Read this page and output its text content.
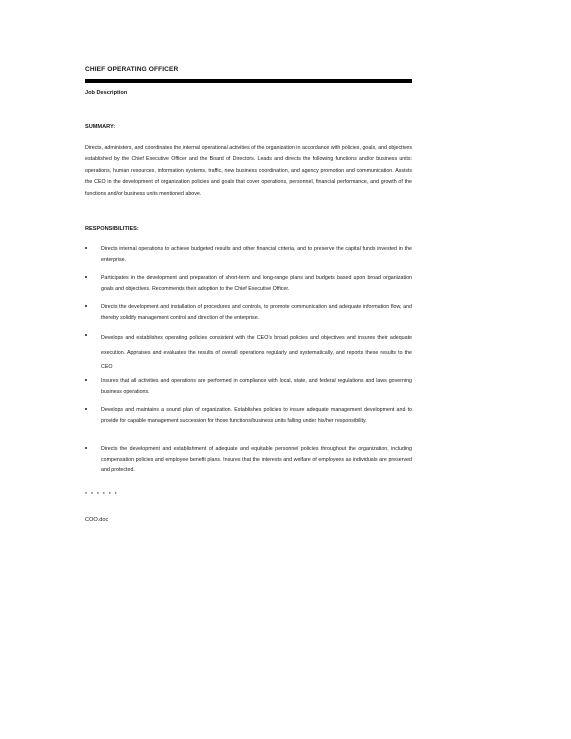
CHIEF OPERATING OFFICER
Job Description
SUMMARY:
Directs, administers, and coordinates the internal operational activities of the organization in accordance with policies, goals, and objectives established by the Chief Executive Officer and the Board of Directors. Leads and directs the following functions and/or business units: operations, human resources, information systems, traffic, new business coordination, and agency promotion and communication. Assists the CEO in the development of organization policies and goals that cover operations, personnel, financial performance, and growth of the functions and/or business units mentioned above.
RESPONSIBILITIES:
Directs internal operations to achieve budgeted results and other financial criteria, and to preserve the capital funds invested in the enterprise.
Participates in the development and preparation of short-term and long-range plans and budgets based upon broad organization goals and objectives. Recommends their adoption to the Chief Executive Officer.
Directs the development and installation of procedures and controls, to promote communication and adequate information flow, and thereby solidify management control and direction of the enterprise.
Develops and establishes operating policies consistent with the CEO’s broad policies and objectives and insures their adequate execution. Appraises and evaluates the results of overall operations regularly and systematically, and reports these results to the CEO
Insures that all activities and operations are performed in compliance with local, state, and federal regulations and laws governing business operations.
Develops and maintains a sound plan of organization. Establishes policies to insure adequate management development and to provide for capable management succession for those functions/business units falling under his/her responsibility.
Directs the development and establishment of adequate and equitable personnel policies throughout the organization, including compensation policies and employee benefit plans. Insures that the interests and welfare of employees as individuals are preserved and protected.
* * * * * *
COO.doc
